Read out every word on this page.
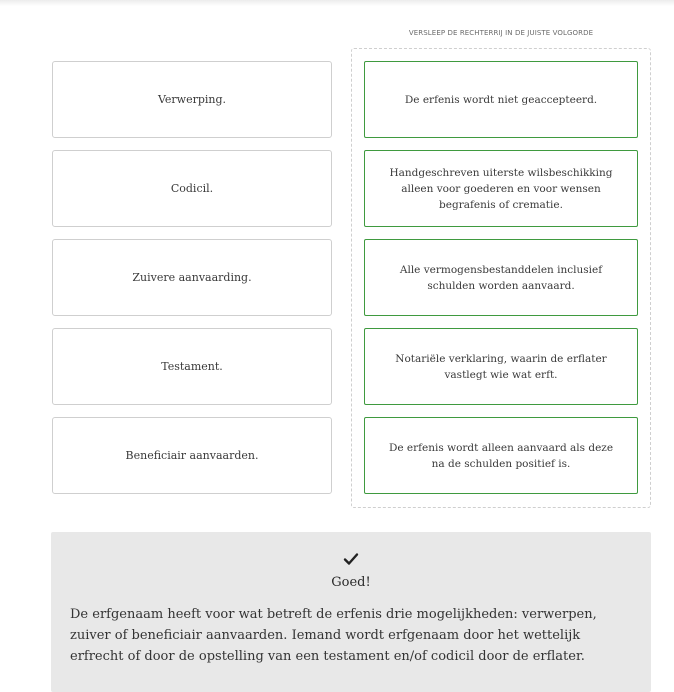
VERSLEEP DE RECHTERRIJ IN DE JUISTE VOLGORDE
Verwerping.
Codicil.
Zuivere aanvaarding.
Testament.
Beneficiair aanvaarden.
De erfenis wordt niet geaccepteerd.
Handgeschreven uiterste wilsbeschikking alleen voor goederen en voor wensen begrafenis of crematie.
Alle vermogensbestanddelen inclusief schulden worden aanvaard.
Notariële verklaring, waarin de erflater vastlegt wie wat erft.
De erfenis wordt alleen aanvaard als deze na de schulden positief is.
Goed!
De erfgenaam heeft voor wat betreft de erfenis drie mogelijkheden: verwerpen, zuiver of beneficiair aanvaarden. Iemand wordt erfgenaam door het wettelijk erfrecht of door de opstelling van een testament en/of codicil door de erflater.
